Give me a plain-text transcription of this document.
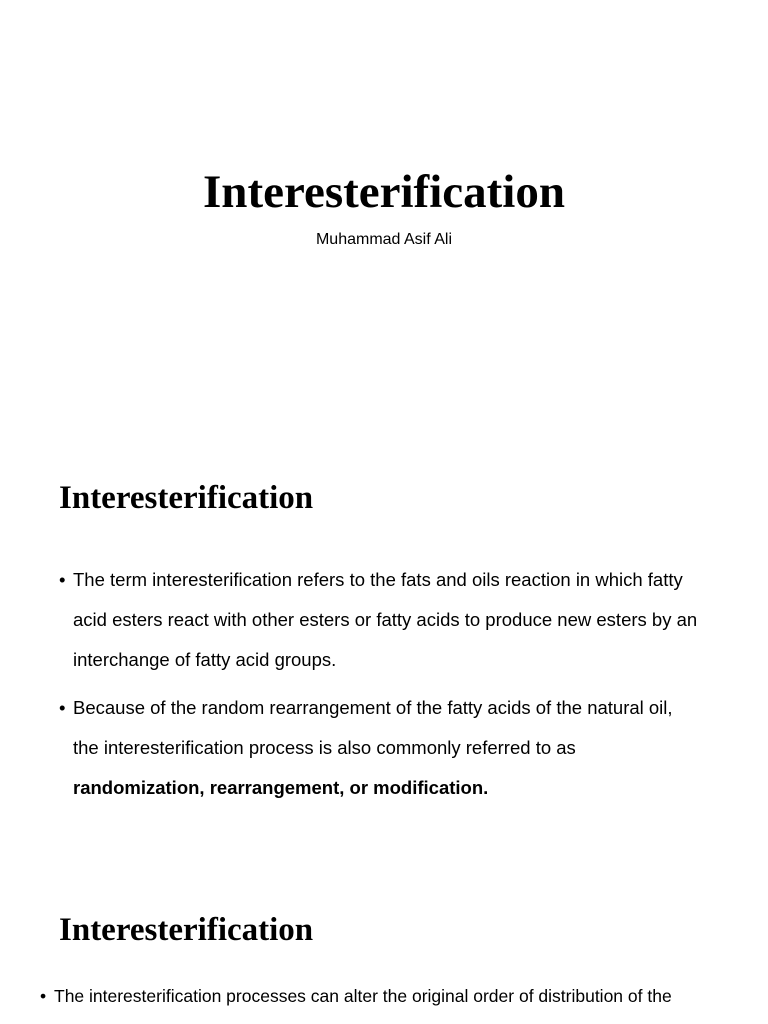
Interesterification

Muhammad Asif Ali

Interesterification
• The term interesterification refers to the fats and oils reaction in which fatty acid esters react with other esters or fatty acids to produce new esters by an interchange of fatty acid groups.
• Because of the random rearrangement of the fatty acids of the natural oil, the interesterification process is also commonly referred to as randomization, rearrangement, or modification.
Interesterification
• The interesterification processes can alter the original order of distribution of the
